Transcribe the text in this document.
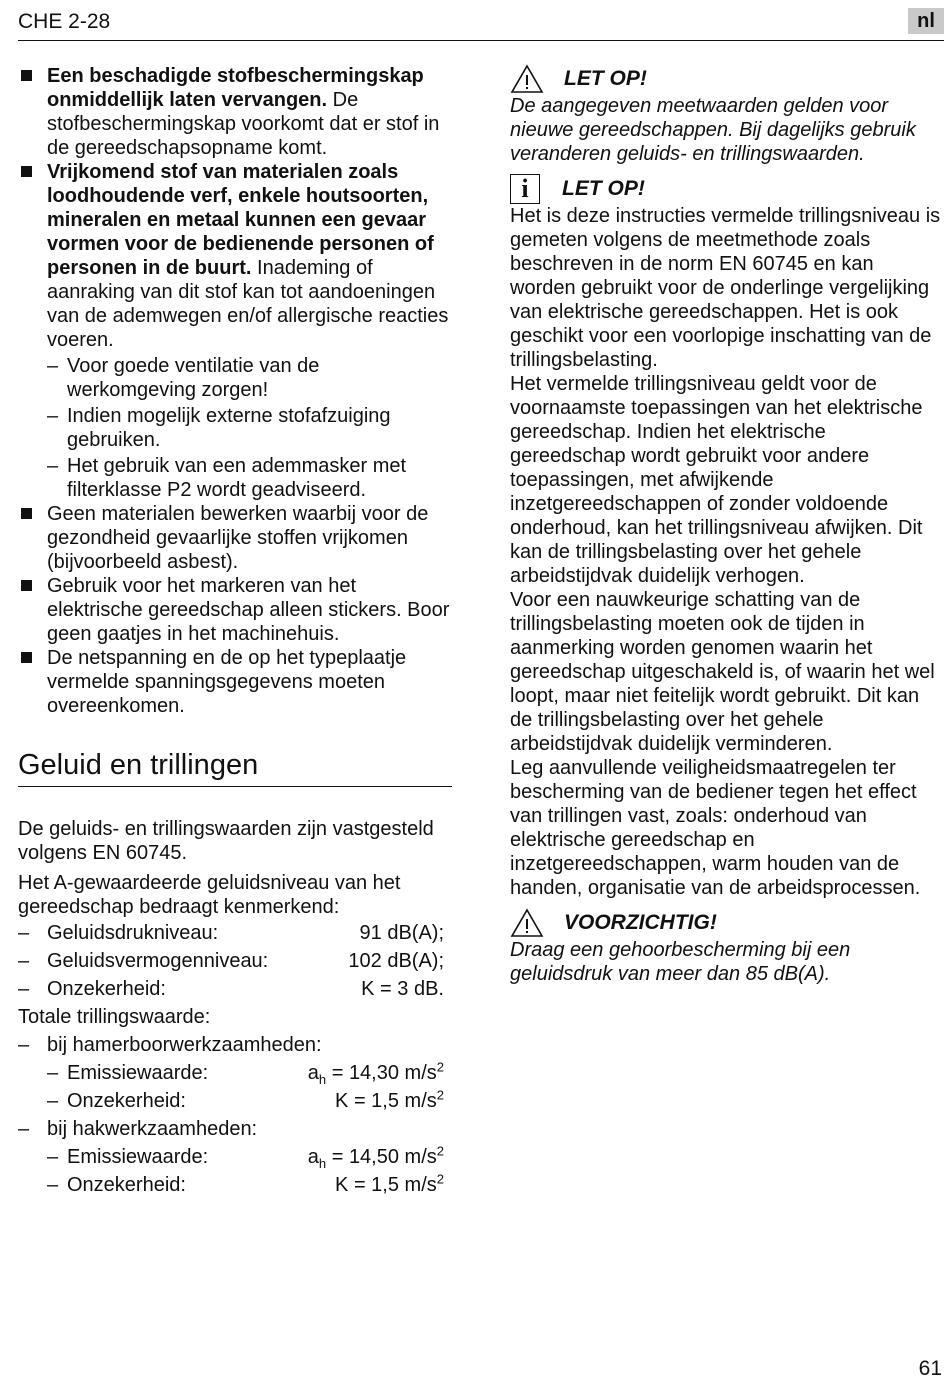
CHE 2-28	nl
Een beschadigde stofbeschermingskap onmiddellijk laten vervangen. De stofbeschermingskap voorkomt dat er stof in de gereedschapsopname komt.
Vrijkomend stof van materialen zoals loodhoudende verf, enkele houtsoorten, mineralen en metaal kunnen een gevaar vormen voor de bedienende personen of personen in de buurt. Inademing of aanraking van dit stof kan tot aandoeningen van de ademwegen en/of allergische reacties voeren.
– Voor goede ventilatie van de werkomgeving zorgen!
– Indien mogelijk externe stofafzuiging gebruiken.
– Het gebruik van een ademmasker met filterklasse P2 wordt geadviseerd.
Geen materialen bewerken waarbij voor de gezondheid gevaarlijke stoffen vrijkomen (bijvoorbeeld asbest).
Gebruik voor het markeren van het elektrische gereedschap alleen stickers. Boor geen gaatjes in het machinehuis.
De netspanning en de op het typeplaatje vermelde spanningsgegevens moeten overeenkomen.
Geluid en trillingen
De geluids- en trillingswaarden zijn vastgesteld volgens EN 60745.
Het A-gewaardeerde geluidsniveau van het gereedschap bedraagt kenmerkend:
– Geluidsdrukniveau:	91 dB(A);
– Geluidsvermogenniveau:	102 dB(A);
– Onzekerheid:	K = 3 dB.
Totale trillingswaarde:
– bij hamerboorwerkzaamheden:
– Emissiewaarde:	$a_h = 14,30$ $m/s^2$
– Onzekerheid:	K = 1,5 $m/s^2$
– bij hakwerkzaamheden:
– Emissiewaarde:	$a_h = 14,50$ $m/s^2$
– Onzekerheid:	K = 1,5 $m/s^2$
LET OP!
De aangegeven meetwaarden gelden voor nieuwe gereedschappen. Bij dagelijks gebruik veranderen geluids- en trillingswaarden.
i	LET OP!
Het is deze instructies vermelde trillingsniveau is gemeten volgens de meetmethode zoals beschreven in de norm EN 60745 en kan worden gebruikt voor de onderlinge vergelijking van elektrische gereedschappen. Het is ook geschikt voor een voorlopige inschatting van de trillingsbelasting.
Het vermelde trillingsniveau geldt voor de voornaamste toepassingen van het elektrische gereedschap. Indien het elektrische gereedschap wordt gebruikt voor andere toepassingen, met afwijkende inzetgereedschappen of zonder voldoende onderhoud, kan het trillingsniveau afwijken. Dit kan de trillingsbelasting over het gehele arbeidstijdvak duidelijk verhogen.
Voor een nauwkeurige schatting van de trillingsbelasting moeten ook de tijden in aanmerking worden genomen waarin het gereedschap uitgeschakeld is, of waarin het wel loopt, maar niet feitelijk wordt gebruikt. Dit kan de trillingsbelasting over het gehele arbeidstijdvak duidelijk verminderen.
Leg aanvullende veiligheidsmaatregelen ter bescherming van de bediener tegen het effect van trillingen vast, zoals: onderhoud van elektrische gereedschap en inzetgereedschappen, warm houden van de handen, organisatie van de arbeidsprocessen.
VOORZICHTIG!
Draag een gehoorbescherming bij een geluidsdruk van meer dan 85 dB(A).
61
